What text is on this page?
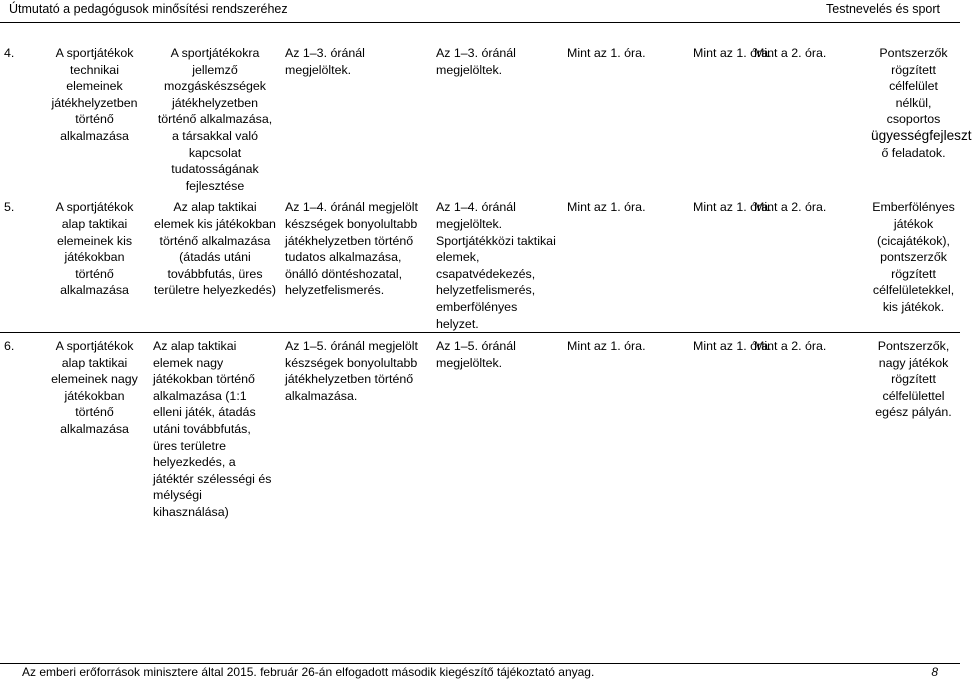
Útmutató a pedagógusok minősítési rendszeréhez	Testnevelés és sport
4.	A sportjátékok technikai elemeinek játékhelyzetben történő alkalmazása	A sportjátékokra jellemző mozgáskészségek játékhelyzetben történő alkalmazása, a társakkal való kapcsolat tudatosságának fejlesztése	Az 1–3. óránál megjelöltek.	Az 1–3. óránál megjelöltek.	Mint az 1. óra.	Mint az 1. óra.	Mint a 2. óra.	Pontszerzők rögzített célfelület nélkül, csoportos ügyességfejleszt
ő feladatok.
5.	A sportjátékok alap taktikai elemeinek kis játékokban történő alkalmazása	Az alap taktikai elemek kis játékokban történő alkalmazása (átadás utáni továbbfutás, üres területre helyezkedés)	Az 1–4. óránál megjelölt készségek bonyolultabb játékhelyzetben történő tudatos alkalmazása, önálló döntéshozatal, helyzetfelismerés.	Az 1–4. óránál megjelöltek. Sportjátékközi taktikai elemek, csapatvédekezés, helyzetfelismerés, emberfölényes helyzet.	Mint az 1. óra.	Mint az 1. óra.	Mint a 2. óra.	Emberfölényes játékok (cicajátékok), pontszerzők rögzített célfelületekkel, kis játékok.
6.	A sportjátékok alap taktikai elemeinek nagy játékokban történő alkalmazása	Az alap taktikai elemek nagy játékokban történő alkalmazása (1:1 elleni játék, átadás utáni továbbfutás, üres területre helyezkedés, a játéktér szélességi és mélységi kihasználása)	Az 1–5. óránál megjelölt készségek bonyolultabb játékhelyzetben történő alkalmazása.	Az 1–5. óránál megjelöltek.	Mint az 1. óra.	Mint az 1. óra.	Mint a 2. óra.	Pontszerzők, nagy játékok rögzített célfelülettel egész pályán.
Az emberi erőforrások minisztere által 2015. február 26-án elfogadott második kiegészítő tájékoztató anyag.	8
